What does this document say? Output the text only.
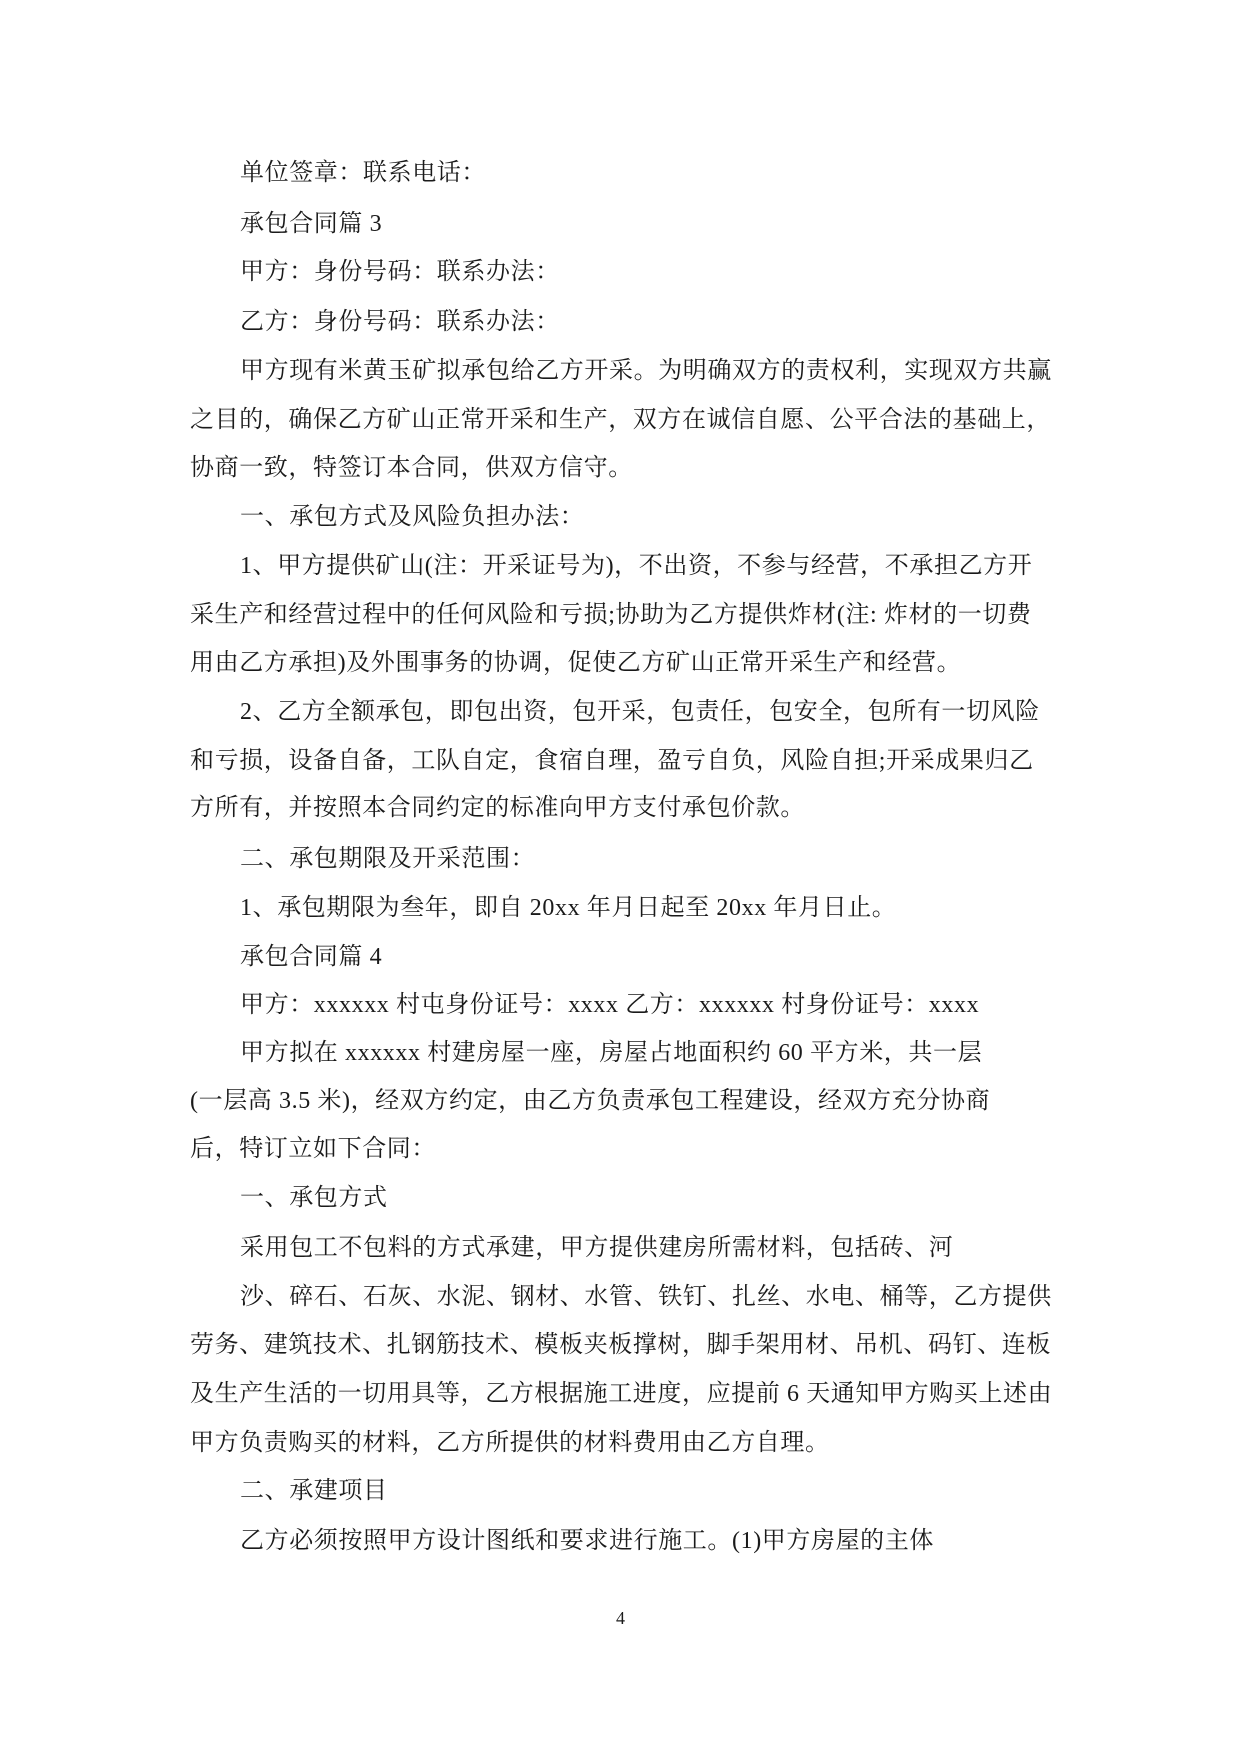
单位签章：联系电话：
承包合同篇 3
甲方：身份号码：联系办法：
乙方：身份号码：联系办法：
甲方现有米黄玉矿拟承包给乙方开采。为明确双方的责权利，实现双方共赢
之目的，确保乙方矿山正常开采和生产，双方在诚信自愿、公平合法的基础上，
协商一致，特签订本合同，供双方信守。
一、承包方式及风险负担办法：
1、甲方提供矿山(注：开采证号为)，不出资，不参与经营，不承担乙方开
采生产和经营过程中的任何风险和亏损;协助为乙方提供炸材(注: 炸材的一切费
用由乙方承担)及外围事务的协调，促使乙方矿山正常开采生产和经营。
2、乙方全额承包，即包出资，包开采，包责任，包安全，包所有一切风险
和亏损，设备自备，工队自定，食宿自理，盈亏自负，风险自担;开采成果归乙
方所有，并按照本合同约定的标准向甲方支付承包价款。
二、承包期限及开采范围：
1、承包期限为叁年，即自 20xx 年月日起至 20xx 年月日止。
承包合同篇 4
甲方：xxxxxx 村屯身份证号：xxxx 乙方：xxxxxx 村身份证号：xxxx
甲方拟在 xxxxxx 村建房屋一座，房屋占地面积约 60 平方米，共一层
(一层高 3.5 米)，经双方约定，由乙方负责承包工程建设，经双方充分协商
后，特订立如下合同：
一、承包方式
采用包工不包料的方式承建，甲方提供建房所需材料，包括砖、河
沙、碎石、石灰、水泥、钢材、水管、铁钉、扎丝、水电、桶等，乙方提供
劳务、建筑技术、扎钢筋技术、模板夹板撑树，脚手架用材、吊机、码钉、连板
及生产生活的一切用具等，乙方根据施工进度，应提前 6 天通知甲方购买上述由
甲方负责购买的材料，乙方所提供的材料费用由乙方自理。
二、承建项目
乙方必须按照甲方设计图纸和要求进行施工。(1)甲方房屋的主体
4
